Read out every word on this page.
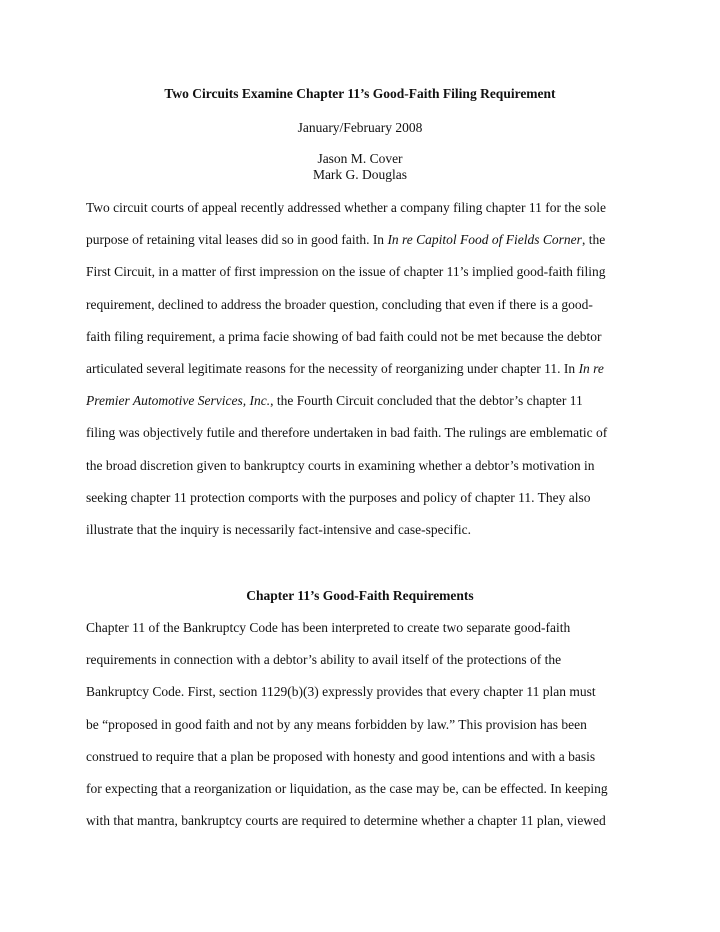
Two Circuits Examine Chapter 11’s Good-Faith Filing Requirement

January/February 2008

Jason M. Cover
Mark G. Douglas
Two circuit courts of appeal recently addressed whether a company filing chapter 11 for the sole
purpose of retaining vital leases did so in good faith. In In re Capitol Food of Fields Corner, the
First Circuit, in a matter of first impression on the issue of chapter 11’s implied good-faith filing
requirement, declined to address the broader question, concluding that even if there is a good-
faith filing requirement, a prima facie showing of bad faith could not be met because the debtor
articulated several legitimate reasons for the necessity of reorganizing under chapter 11. In In re
Premier Automotive Services, Inc., the Fourth Circuit concluded that the debtor’s chapter 11
filing was objectively futile and therefore undertaken in bad faith. The rulings are emblematic of
the broad discretion given to bankruptcy courts in examining whether a debtor’s motivation in
seeking chapter 11 protection comports with the purposes and policy of chapter 11. They also
illustrate that the inquiry is necessarily fact-intensive and case-specific.

Chapter 11’s Good-Faith Requirements

Chapter 11 of the Bankruptcy Code has been interpreted to create two separate good-faith
requirements in connection with a debtor’s ability to avail itself of the protections of the
Bankruptcy Code. First, section 1129(b)(3) expressly provides that every chapter 11 plan must
be “proposed in good faith and not by any means forbidden by law.” This provision has been
construed to require that a plan be proposed with honesty and good intentions and with a basis
for expecting that a reorganization or liquidation, as the case may be, can be effected. In keeping
with that mantra, bankruptcy courts are required to determine whether a chapter 11 plan, viewed
